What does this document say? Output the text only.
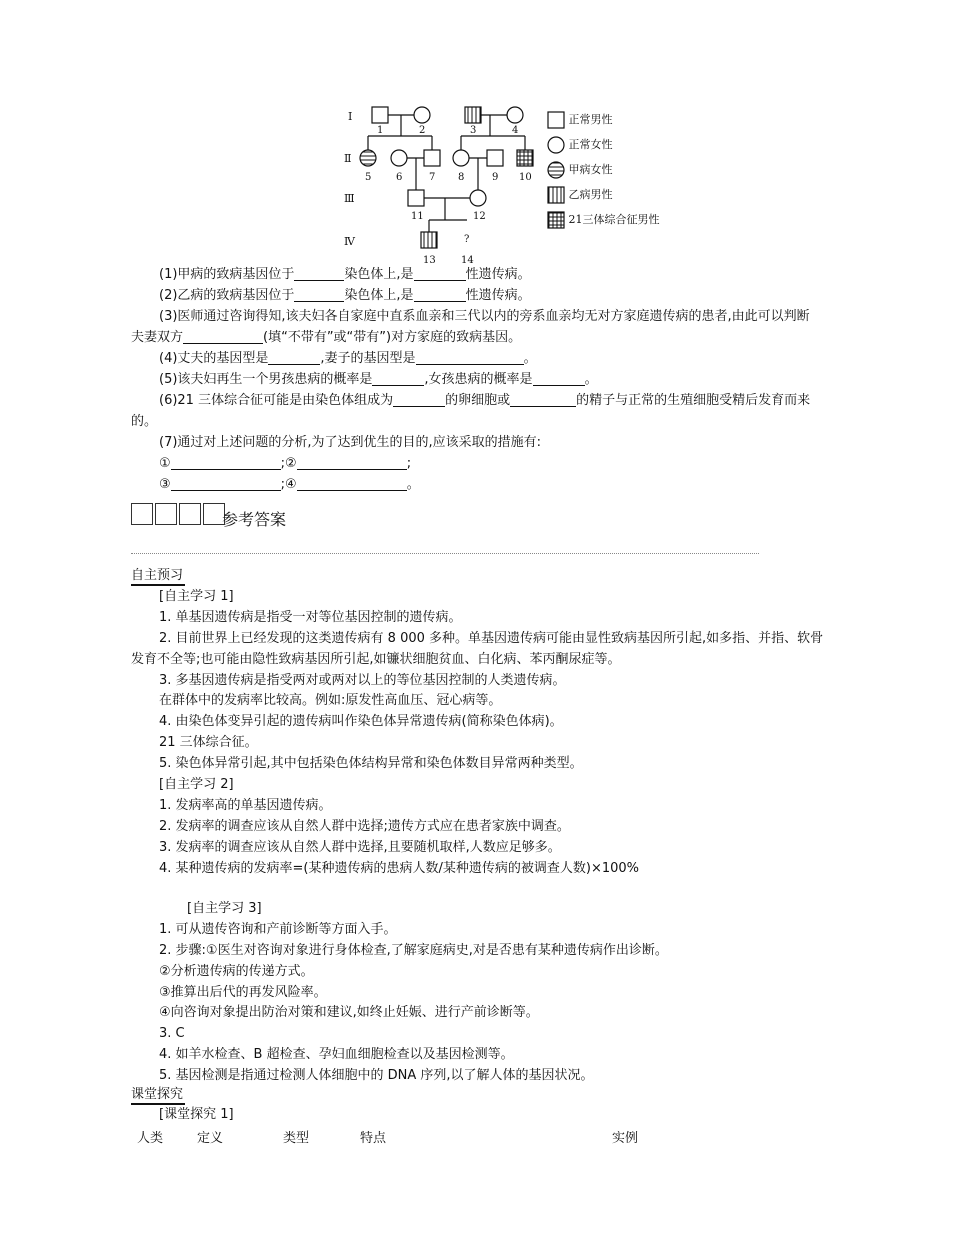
Ⅰ
Ⅱ
Ⅲ
Ⅳ
1	2	3	4
5 6	7 8	9 10
11	12
?
13	14
正常男性
正常女性
甲病女性
乙病男性
21三体综合征男性
(1)甲病的致病基因位于	染色体上,是	性遗传病。
(2)乙病的致病基因位于	染色体上,是	性遗传病。
(3)医师通过咨询得知,该夫妇各自家庭中直系血亲和三代以内的旁系血亲均无对方家庭遗传病的患者,由此可以判断
夫妻双方	(填“不带有”或“带有”)对方家庭的致病基因。
(4)丈夫的基因型是	,妻子的基因型是	。
(5)该夫妇再生一个男孩患病的概率是	,女孩患病的概率是	。
(6)21 三体综合征可能是由染色体组成为	的卵细胞或	的精子与正常的生殖细胞受精后发育而来
的。
(7)通过对上述问题的分析,为了达到优生的目的,应该采取的措施有:
①	;②	;
③	;④	。
参考答案
自主预习
[自主学习 1]
1. 单基因遗传病是指受一对等位基因控制的遗传病。
2. 目前世界上已经发现的这类遗传病有 8 000 多种。单基因遗传病可能由显性致病基因所引起,如多指、并指、软骨
发育不全等;也可能由隐性致病基因所引起,如镰状细胞贫血、白化病、苯丙酮尿症等。
3. 多基因遗传病是指受两对或两对以上的等位基因控制的人类遗传病。
在群体中的发病率比较高。例如:原发性高血压、冠心病等。
4. 由染色体变异引起的遗传病叫作染色体异常遗传病(简称染色体病)。
21 三体综合征。
5. 染色体异常引起,其中包括染色体结构异常和染色体数目异常两种类型。
[自主学习 2]
1. 发病率高的单基因遗传病。
2. 发病率的调查应该从自然人群中选择;遗传方式应在患者家族中调查。
3. 发病率的调查应该从自然人群中选择,且要随机取样,人数应足够多。
4. 某种遗传病的发病率=(某种遗传病的患病人数/某种遗传病的被调查人数)×100%
[自主学习 3]
1. 可从遗传咨询和产前诊断等方面入手。
2. 步骤:①医生对咨询对象进行身体检查,了解家庭病史,对是否患有某种遗传病作出诊断。
②分析遗传病的传递方式。
③推算出后代的再发风险率。
④向咨询对象提出防治对策和建议,如终止妊娠、进行产前诊断等。
3. C
4. 如羊水检查、B 超检查、孕妇血细胞检查以及基因检测等。
5. 基因检测是指通过检测人体细胞中的 DNA 序列,以了解人体的基因状况。
课堂探究
[课堂探究 1]
人类	定义	类型	特点	实例
